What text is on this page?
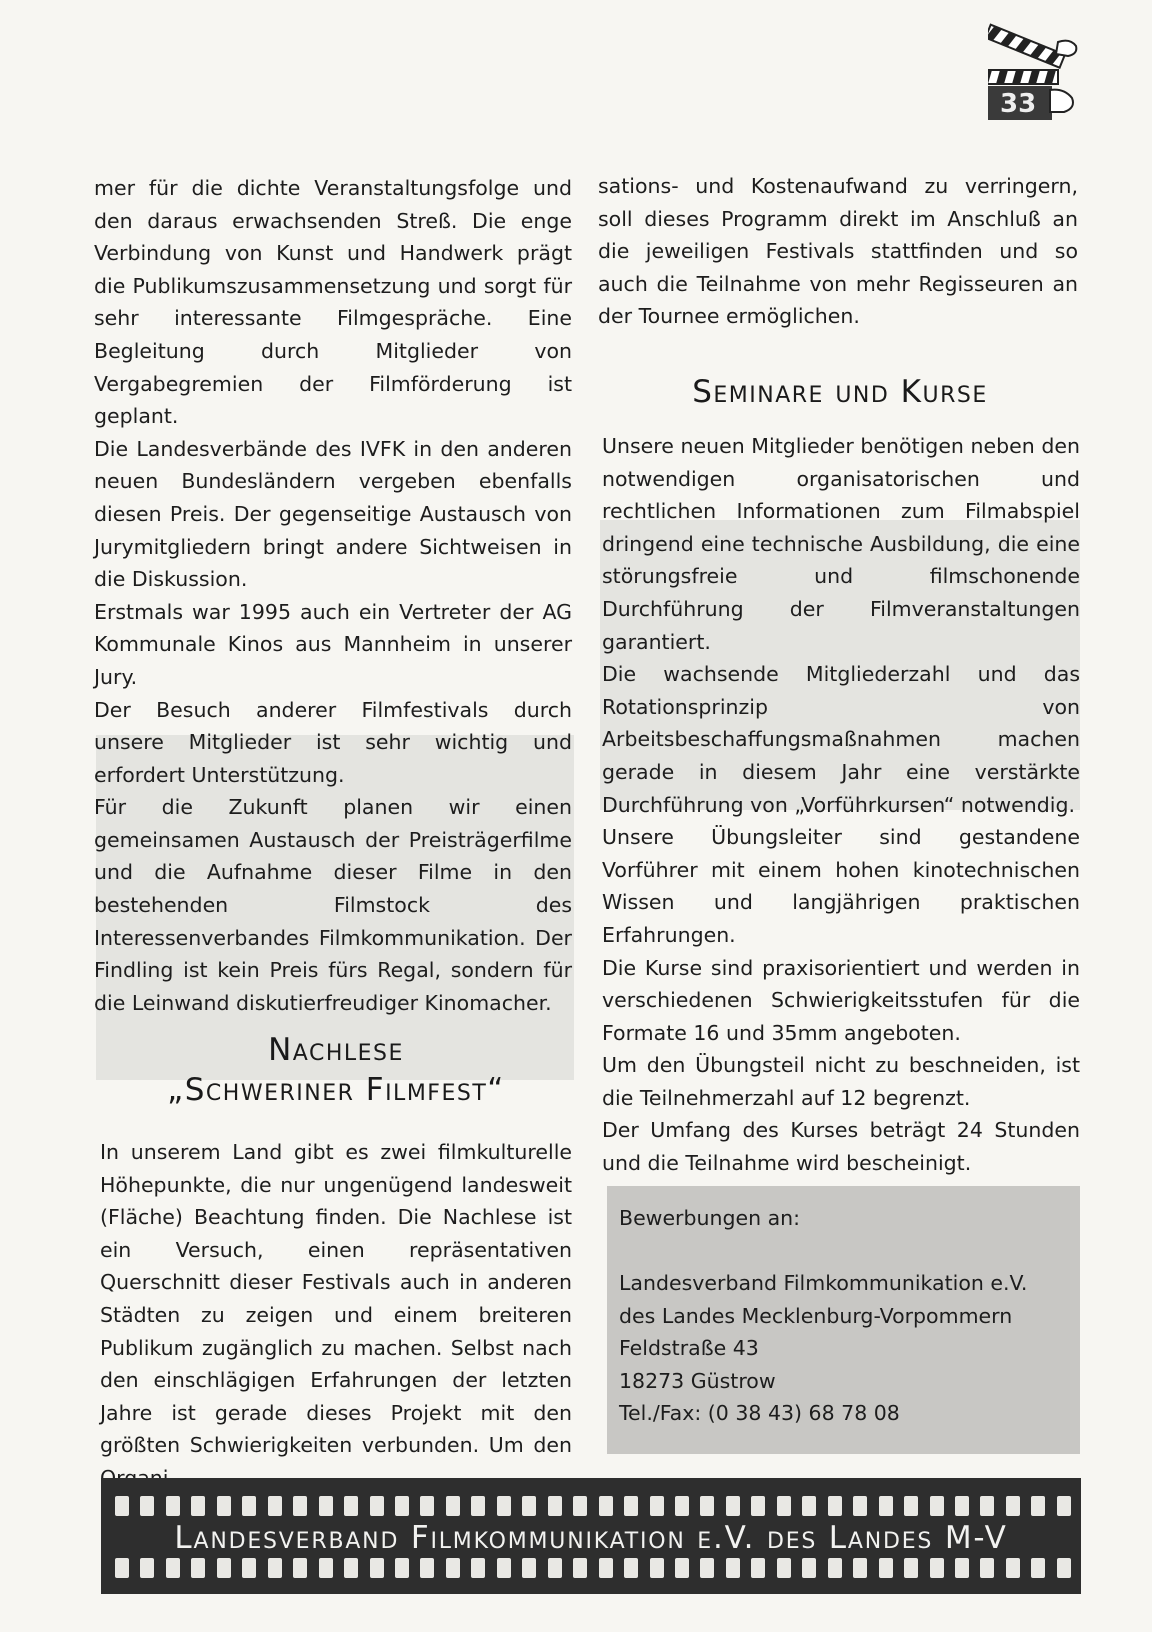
33

mer für die dichte Veranstaltungsfolge und den daraus erwachsenden Streß. Die enge Verbindung von Kunst und Handwerk prägt die Publikumszusammensetzung und sorgt für sehr interessante Filmgespräche. Eine Begleitung durch Mitglieder von Vergabegremien der Filmförderung ist geplant.

Die Landesverbände des IVFK in den anderen neuen Bundesländern vergeben ebenfalls diesen Preis. Der gegenseitige Austausch von Jurymitgliedern bringt andere Sichtweisen in die Diskussion.

Erstmals war 1995 auch ein Vertreter der AG Kommunale Kinos aus Mannheim in unserer Jury.

Der Besuch anderer Filmfestivals durch unsere Mitglieder ist sehr wichtig und erfordert Unterstützung.

Für die Zukunft planen wir einen gemeinsamen Austausch der Preisträgerfilme und die Aufnahme dieser Filme in den bestehenden Filmstock des Interessenverbandes Filmkommunikation. Der Findling ist kein Preis fürs Regal, sondern für die Leinwand diskutierfreudiger Kinomacher.

Nachlese
„Schweriner Filmfest“

In unserem Land gibt es zwei filmkulturelle Höhepunkte, die nur ungenügend landesweit (Fläche) Beachtung finden. Die Nachlese ist ein Versuch, einen repräsentativen Querschnitt dieser Festivals auch in anderen Städten zu zeigen und einem breiteren Publikum zugänglich zu machen. Selbst nach den einschlägigen Erfahrungen der letzten Jahre ist gerade dieses Projekt mit den größten Schwierigkeiten verbunden. Um den

sations- und Kostenaufwand zu verringern, soll dieses Programm direkt im Anschluß an die jeweiligen Festivals stattfinden und so auch die Teilnahme von mehr Regisseuren an der Tournee ermöglichen.

Seminare und Kurse

Unsere neuen Mitglieder benötigen neben den notwendigen organisatorischen und rechtlichen Informationen zum Filmabspiel dringend eine technische Ausbildung, die eine störungsfreie und filmschonende Durchführung der Filmveranstaltungen garantiert.

Die wachsende Mitgliederzahl und das Rotationsprinzip von Arbeitsbeschaffungsmaßnahmen machen gerade in diesem Jahr eine verstärkte Durchführung von „Vorführkursen“ notwendig.

Unsere Übungsleiter sind gestandene Vorführer mit einem hohen kinotechnischen Wissen und langjährigen praktischen Erfahrungen.

Die Kurse sind praxisorientiert und werden in verschiedenen Schwierigkeitsstufen für die Formate 16 und 35mm angeboten.

Um den Übungsteil nicht zu beschneiden, ist die Teilnehmerzahl auf 12 begrenzt.

Der Umfang des Kurses beträgt 24 Stunden und die Teilnahme wird bescheinigt.

Bewerbungen an:
Landesverband Filmkommunikation e.V.
des Landes Mecklenburg-Vorpommern
Feldstraße 43
18273 Güstrow
Tel./Fax: (0 38 43) 68 78 08
Landesverband Filmkommunikation e.V. des Landes M-V
